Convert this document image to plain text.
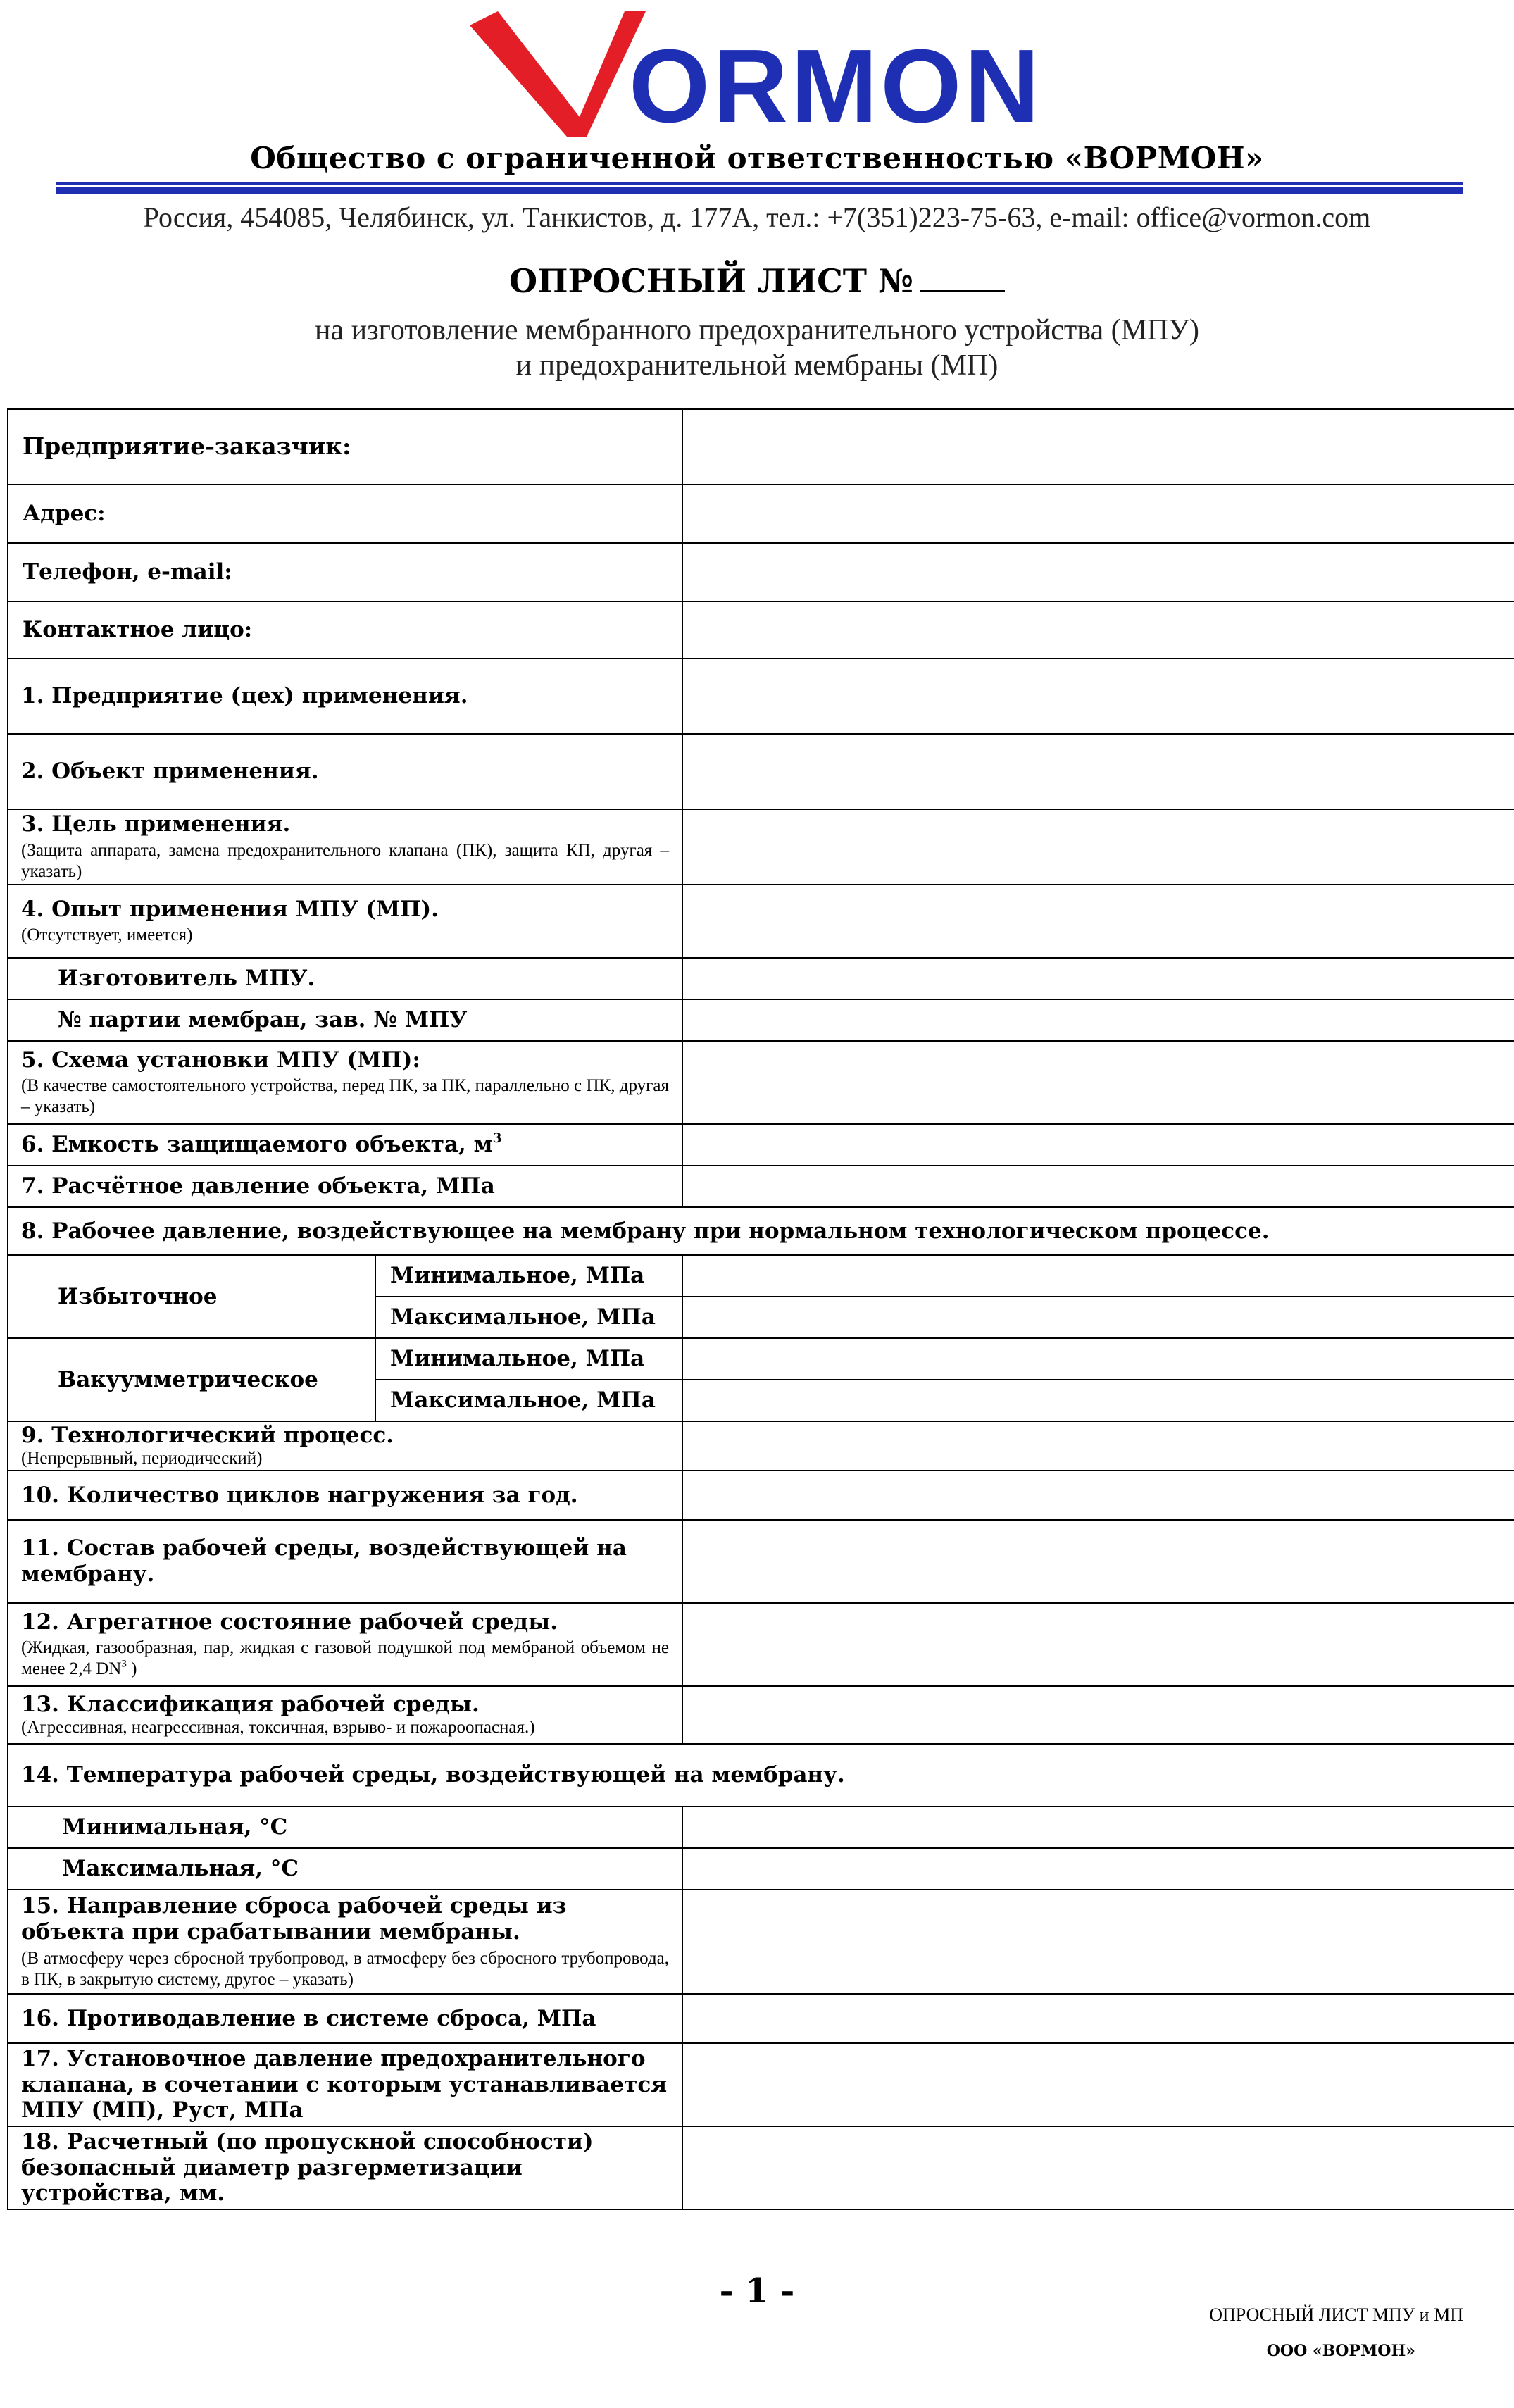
ORMON
Общество с ограниченной ответственностью «ВОРМОН»
Россия, 454085, Челябинск, ул. Танкистов, д. 177А, тел.: +7(351)223-75-63, e-mail: office@vormon.com
ОПРОСНЫЙ ЛИСТ №
на изготовление мембранного предохранительного устройства (МПУ)
и предохранительной мембраны (МП)
Предприятие-заказчик:		
Адрес:		
Телефон, e-mail:		
Контактное лицо:		
1. Предприятие (цех) применения.		
2. Объект применения.		
3. Цель применения.
(Защита аппарата, замена предохранительного клапана (ПК), защита КП, другая – указать)		

4. Опыт применения МПУ (МП).
(Отсутствует, имеется)		

Изготовитель МПУ.		
№ партии мембран, зав. № МПУ		
5. Схема установки МПУ (МП):
(В качестве самостоятельного устройства, перед ПК, за ПК, параллельно с ПК, другая – указать)		

6. Емкость защищаемого объекта, $м^3$	
7. Расчётное давление объекта, МПа		
8. Рабочее давление, воздействующее на мембрану при нормальном технологическом процессе.		
Избыточное	Минимальное, МПа	
	Максимальное, МПа	
Вакуумметрическое	Минимальное, МПа	
	Максимальное, МПа	
9. Технологический процесс.
(Непрерывный, периодический)		

10. Количество циклов нагружения за год.		
11. Состав рабочей среды, воздействующей на мембрану.		
12. Агрегатное состояние рабочей среды.
(Жидкая, газообразная, пар, жидкая с газовой подушкой под мембраной объемом не менее 2,4 $DN^3$ )		

13. Классификация рабочей среды.
(Агрессивная, неагрессивная, токсичная, взрыво- и пожароопасная.)		

14. Температура рабочей среды, воздействующей на мембрану.		
Минимальная, °С		
Максимальная, °С		
15. Направление сброса рабочей среды из объекта при срабатывании мембраны.
(В атмосферу через сбросной трубопровод, в атмосферу без сбросного трубопровода, в ПК, в закрытую систему, другое – указать)		

16. Противодавление в системе сброса, МПа		
17. Установочное давление предохранительного клапана, в сочетании с которым устанавливается МПУ (МП), Руст, МПа		
18. Расчетный (по пропускной способности) безопасный диаметр разгерметизации устройства, мм.		
- 1 -
ОПРОСНЫЙ ЛИСТ МПУ и МП
ООО «ВОРМОН»
